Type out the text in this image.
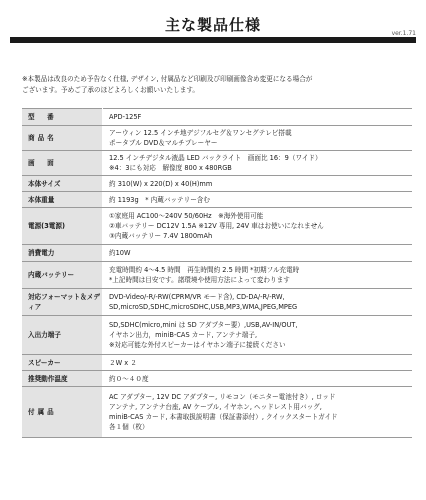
主な製品仕様	ver.1.71
※本製品は改良のため予告なく仕様, デザイン, 付属品など印刷及び印刷画像含め変更になる場合が
ございます。予めご了承のほどよろしくお願いいたします。
型　番	APD-125F

商品名	アーウィン 12.5 インチ地デジフルセグ＆ワンセグテレビ搭載
ポータブル DVD＆マルチプレーヤー

画　面	12.5 インチデジタル液晶 LED バックライト　画面比 16：9（ワイド）
※4：3にも対応　解像度 800 x 480RGB

本体サイズ	約 310(W) x 220(D) x 40(H)mm

本体重量	約 1193g　* 内蔵バッテリー含む

電源(3電源)	①家庭用 AC100～240V 50/60Hz　※海外使用可能
②車バッテリー DC12V 1.5A ※12V 専用, 24V 車はお使いになれません
③内蔵バッテリー 7.4V 1800mAh

消費電力	約10W

内蔵バッテリー	充電時間約 4～4.5 時間　再生時間約 2.5 時間 *初期フル充電時
*上記時間は目安です。諸環境や使用方法によって変わります

対応フォーマット＆メディア	DVD-Video/-R/-RW(CPRM/VR モード含), CD-DA/-R/-RW,
SD,microSD,SDHC,microSDHC,USB,MP3,WMA,JPEG,MPEG

入出力端子	SD,SDHC(micro,mini は SD アダプター要）,USB,AV-IN/OUT,
イヤホン出力，miniB-CAS カード, アンテナ端子,
※対応可能な外付スピーカーはイヤホン端子に接続ください

スピーカー	２W x ２

推奨動作温度	約０～４０度

付属品	AC アダプター, 12V DC アダプター, リモコン（モニター電池付き）, ロッド
アンテナ, アンテナ台座, AV ケーブル, イヤホン, ヘッドレスト用バッグ,
miniB-CAS カード, 本書取扱説明書（保証書添付）, クイックスタートガイド
各１個（枚）
